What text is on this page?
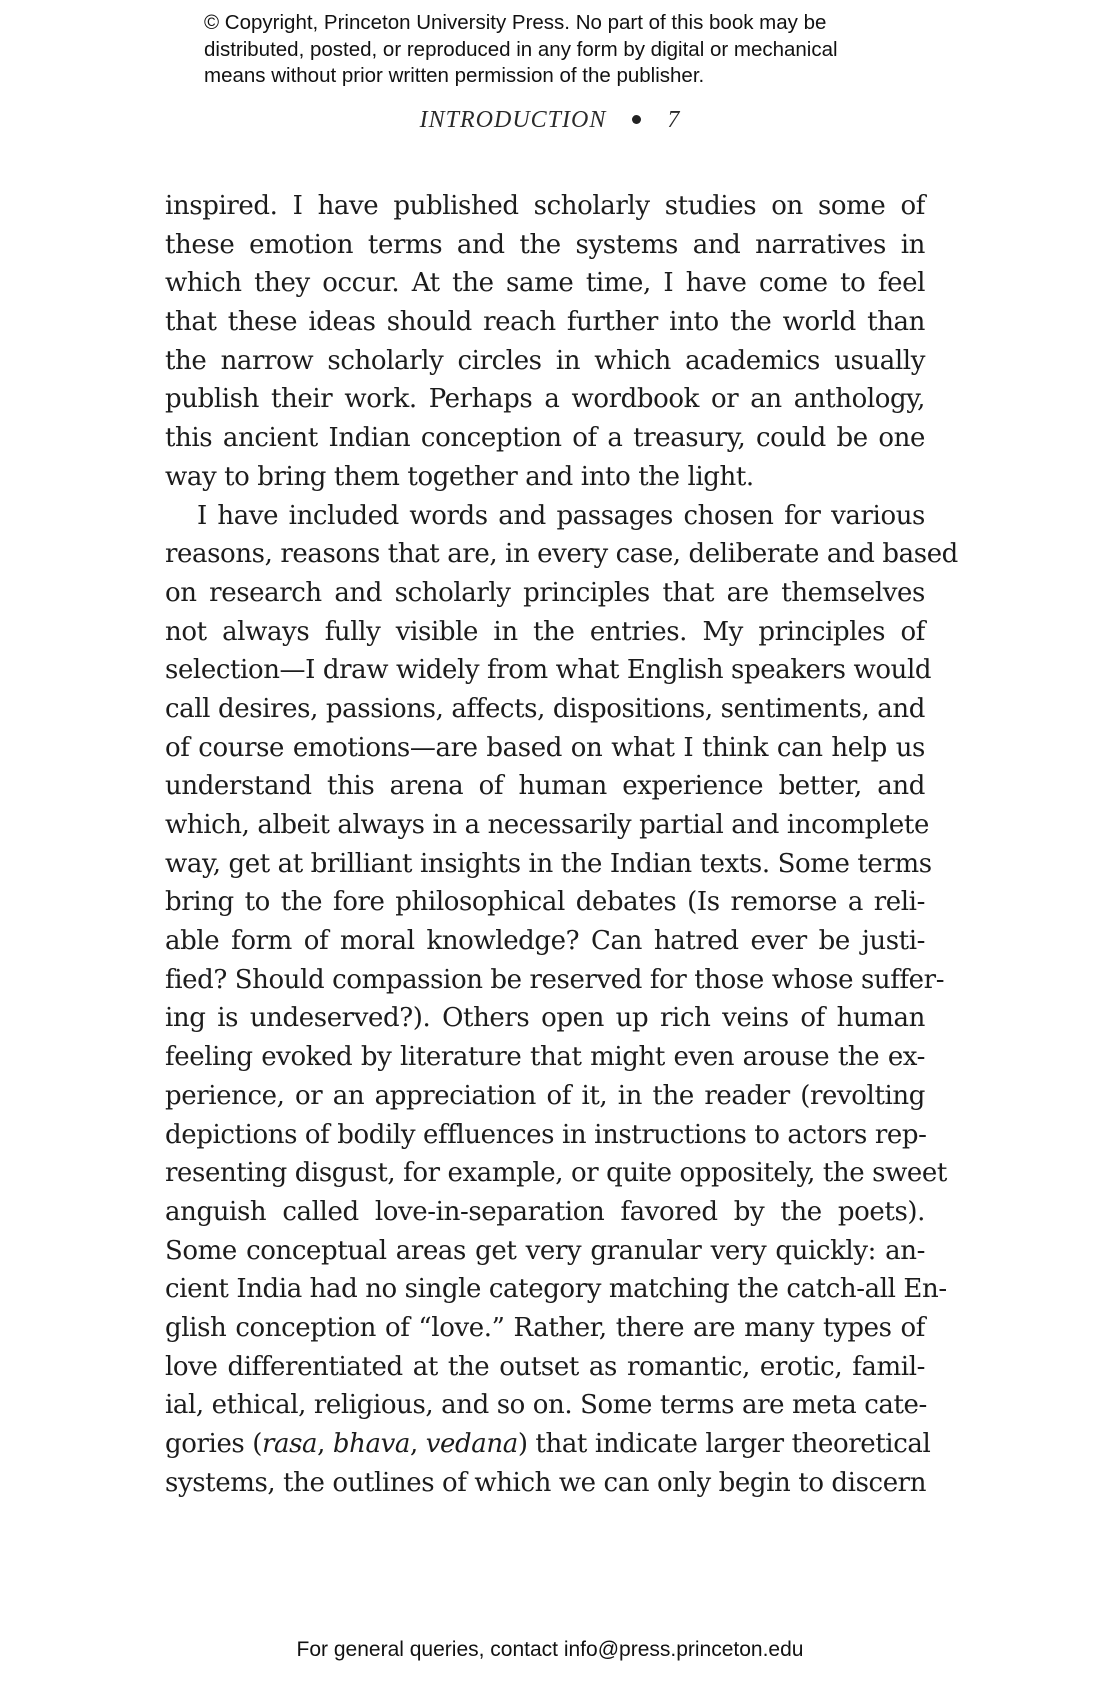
© Copyright, Princeton University Press. No part of this book may be
distributed, posted, or reproduced in any form by digital or mechanical
means without prior written permission of the publisher.
INTRODUCTION	7
inspired. I have published scholarly studies on some of
these emotion terms and the systems and narratives in
which they occur. At the same time, I have come to feel
that these ideas should reach further into the world than
the narrow scholarly circles in which academics usually
publish their work. Perhaps a wordbook or an anthology,
this ancient Indian conception of a treasury, could be one
way to bring them together and into the light.
I have included words and passages chosen for various
reasons, reasons that are, in every case, deliberate and based
on research and scholarly principles that are themselves
not always fully visible in the entries. My principles of
selection—I draw widely from what English speakers would
call desires, passions, affects, dispositions, sentiments, and
of course emotions—are based on what I think can help us
understand this arena of human experience better, and
which, albeit always in a necessarily partial and incomplete
way, get at brilliant insights in the Indian texts. Some terms
bring to the fore philosophical debates (Is remorse a reli-
able form of moral knowledge? Can hatred ever be justi-
fied? Should compassion be reserved for those whose suffer-
ing is undeserved?). Others open up rich veins of human
feeling evoked by literature that might even arouse the ex-
perience, or an appreciation of it, in the reader (revolting
depictions of bodily effluences in instructions to actors rep-
resenting disgust, for example, or quite oppositely, the sweet
anguish called love-in-separation favored by the poets).
Some conceptual areas get very granular very quickly: an-
cient India had no single category matching the catch-all En-
glish conception of “love.” Rather, there are many types of
love differentiated at the outset as romantic, erotic, famil-
ial, ethical, religious, and so on. Some terms are meta cate-
gories (rasa, bhava, vedana) that indicate larger theoretical
systems, the outlines of which we can only begin to discern
For general queries, contact info@press.princeton.edu
